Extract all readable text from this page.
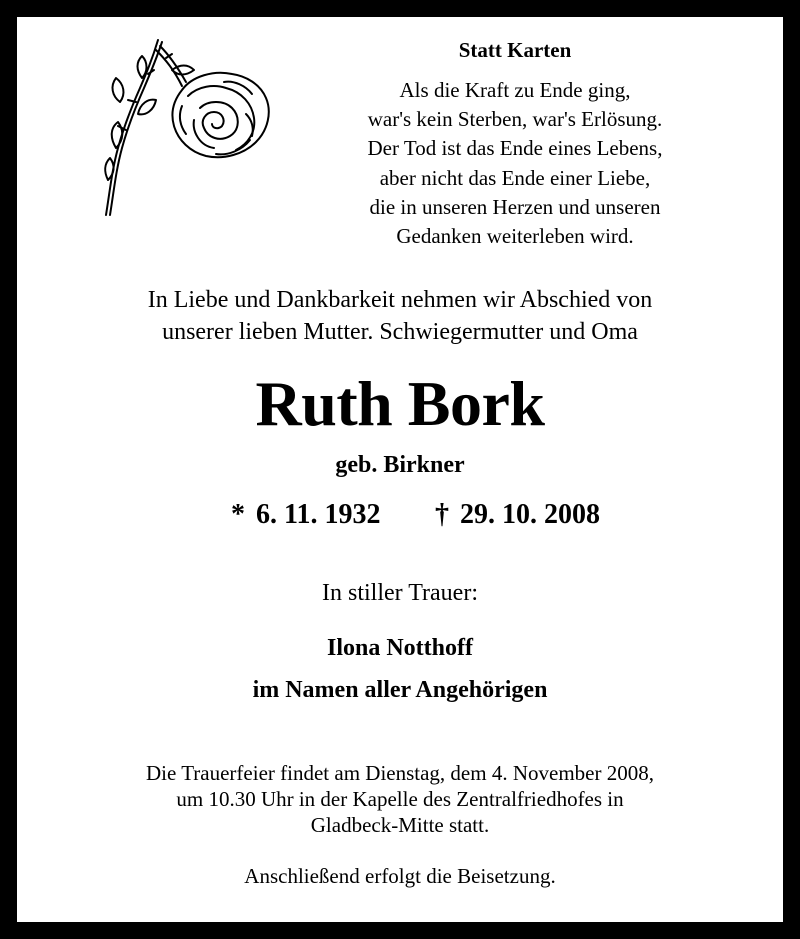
Statt Karten
Als die Kraft zu Ende ging,
war's kein Sterben, war's Erlösung.
Der Tod ist das Ende eines Lebens,
aber nicht das Ende einer Liebe,
die in unseren Herzen und unseren
Gedanken weiterleben wird.
In Liebe und Dankbarkeit nehmen wir Abschied von
unserer lieben Mutter. Schwiegermutter und Oma
Ruth Bork
geb. Birkner
* 6. 11. 1932 † 29. 10. 2008
In stiller Trauer:
Ilona Notthoff
im Namen aller Angehörigen
Die Trauerfeier findet am Dienstag, dem 4. November 2008,
um 10.30 Uhr in der Kapelle des Zentralfriedhofes in
Gladbeck-Mitte statt.
Anschließend erfolgt die Beisetzung.
